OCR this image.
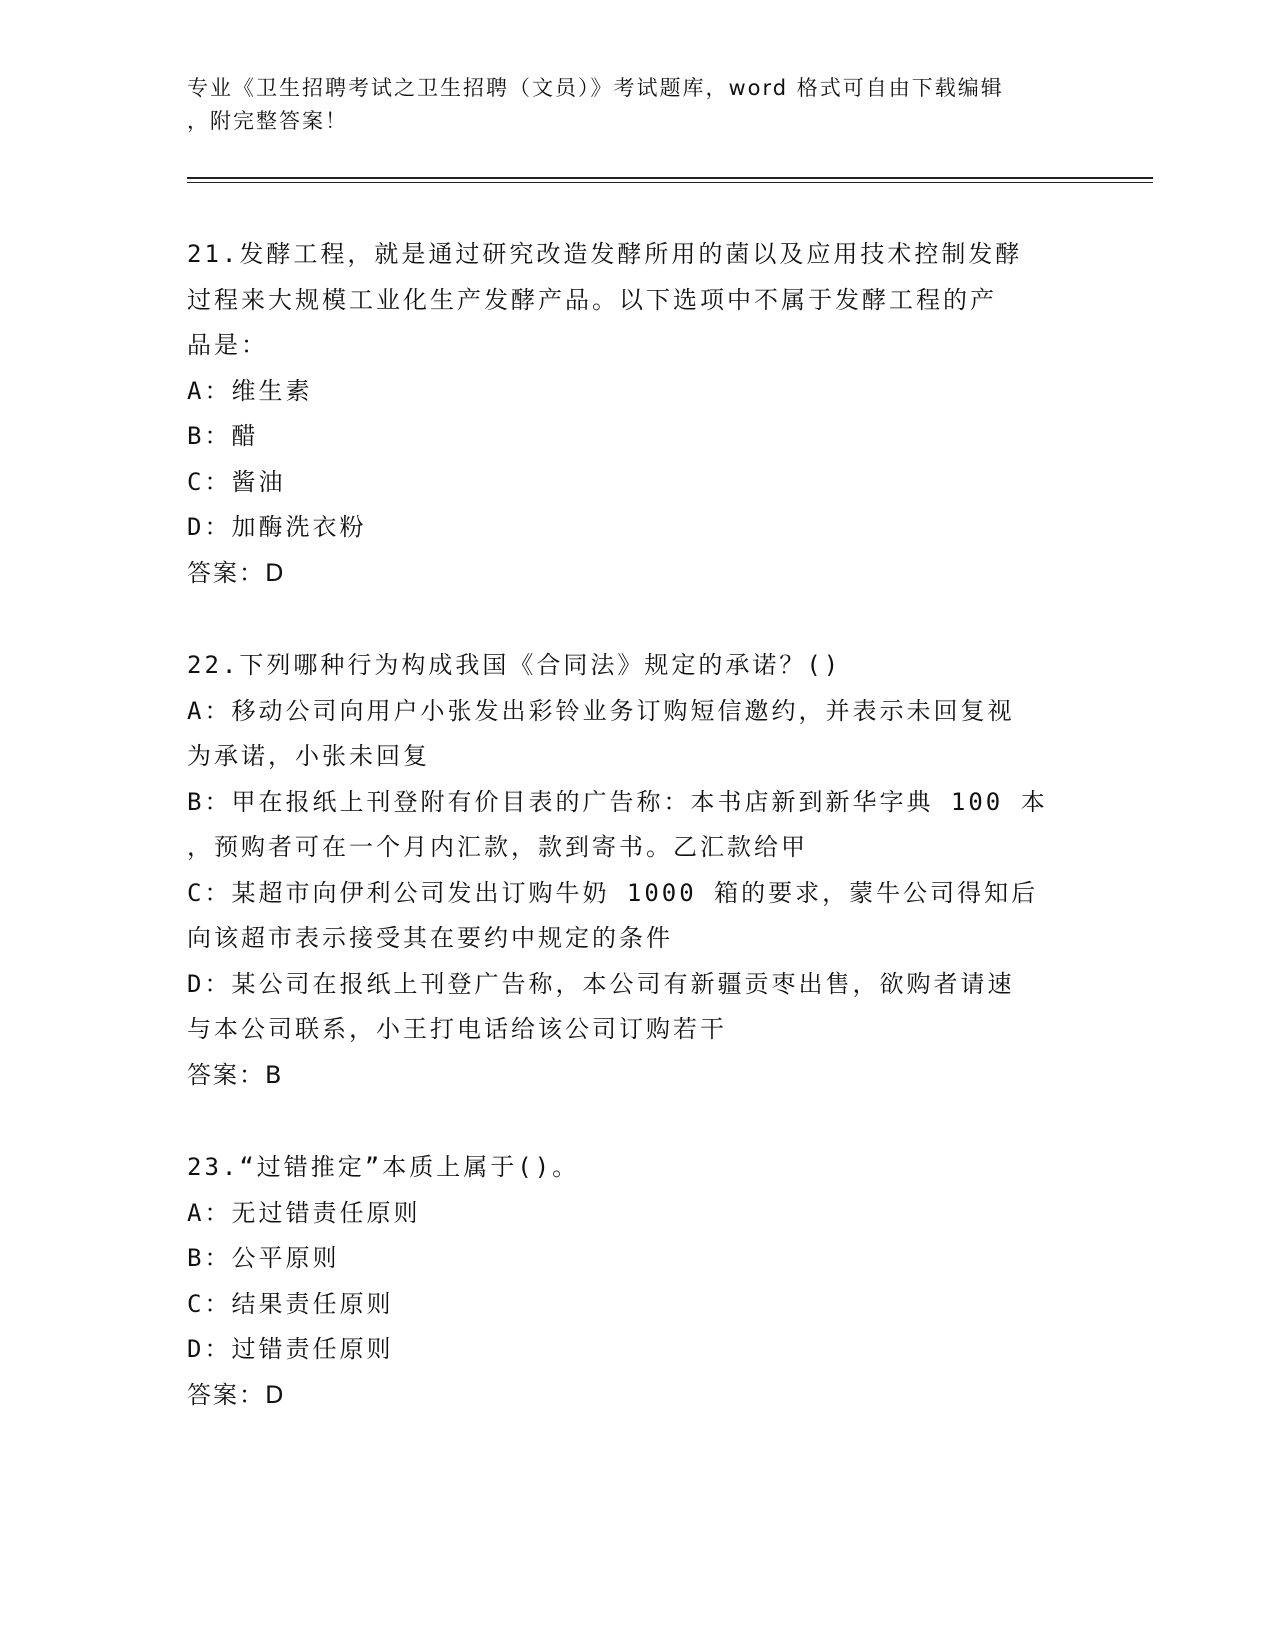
专业《卫生招聘考试之卫生招聘（文员）》考试题库，word 格式可自由下载编辑
，附完整答案！
21.发酵工程，就是通过研究改造发酵所用的菌以及应用技术控制发酵
过程来大规模工业化生产发酵产品。以下选项中不属于发酵工程的产
品是：
A：维生素
B：醋
C：酱油
D：加酶洗衣粉
答案：D
22.下列哪种行为构成我国《合同法》规定的承诺？()
A：移动公司向用户小张发出彩铃业务订购短信邀约，并表示未回复视
为承诺，小张未回复
B：甲在报纸上刊登附有价目表的广告称：本书店新到新华字典 100 本
，预购者可在一个月内汇款，款到寄书。乙汇款给甲
C：某超市向伊利公司发出订购牛奶 1000 箱的要求，蒙牛公司得知后
向该超市表示接受其在要约中规定的条件
D：某公司在报纸上刊登广告称，本公司有新疆贡枣出售，欲购者请速
与本公司联系，小王打电话给该公司订购若干
答案：B
23.“过错推定”本质上属于()。
A：无过错责任原则
B：公平原则
C：结果责任原则
D：过错责任原则
答案：D
